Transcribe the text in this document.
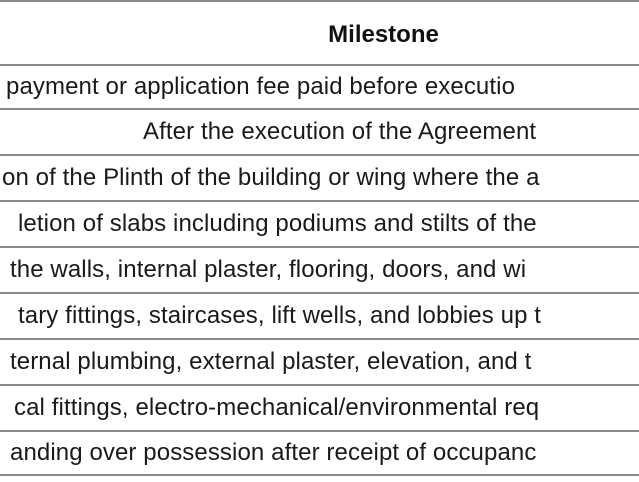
Milestone
payment or application fee paid before executio
After the execution of the Agreement
on of the Plinth of the building or wing where the a
letion of slabs including podiums and stilts of the
the walls, internal plaster, flooring, doors, and wi
tary fittings, staircases, lift wells, and lobbies up t
ternal plumbing, external plaster, elevation, and t
cal fittings, electro-mechanical/environmental req
anding over possession after receipt of occupanc
